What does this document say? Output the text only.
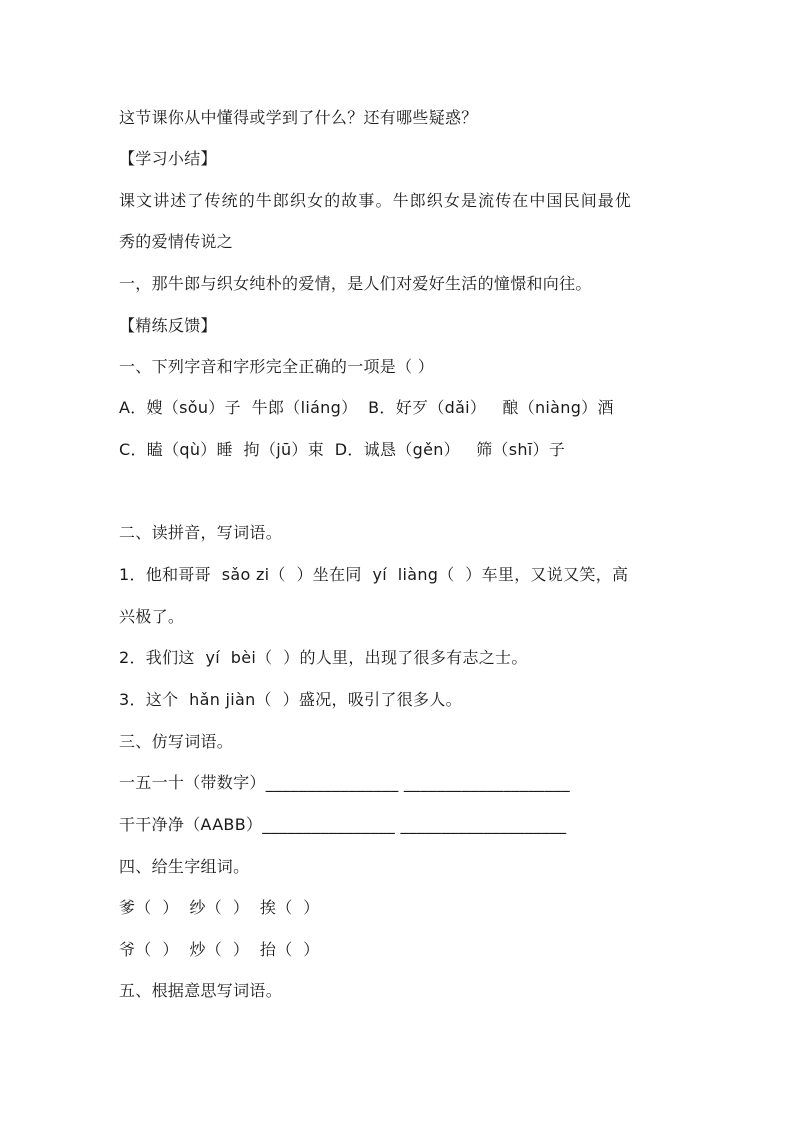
这节课你从中懂得或学到了什么？还有哪些疑惑？
【学习小结】
课文讲述了传统的牛郎织女的故事。牛郎织女是流传在中国民间最优
秀的爱情传说之
一，那牛郎与织女纯朴的爱情，是人们对爱好生活的憧憬和向往。
【精练反馈】
一、下列字音和字形完全正确的一项是（ ）
A．嫂（sǒu）子  牛郎（liáng）  B．好歹（dǎi）   酿（niàng）酒
C．瞌（qù）睡  拘（jū）束  D．诚恳（gěn）   筛（shī）子
二、读拼音，写词语。
1．他和哥哥  sǎo zi（  ）坐在同  yí  liàng（  ）车里，又说又笑，高
兴极了。
2．我们这  yí  bèi（  ）的人里，出现了很多有志之士。
3．这个  hǎn jiàn（  ）盛况，吸引了很多人。
三、仿写词语。
一五一十（带数字）________________ ____________________
干干净净（AABB）________________ ____________________
四、给生字组词。
爹（  ）  纱（  ）  挨（  ）
爷（  ）  炒（  ）  抬（  ）
五、根据意思写词语。
